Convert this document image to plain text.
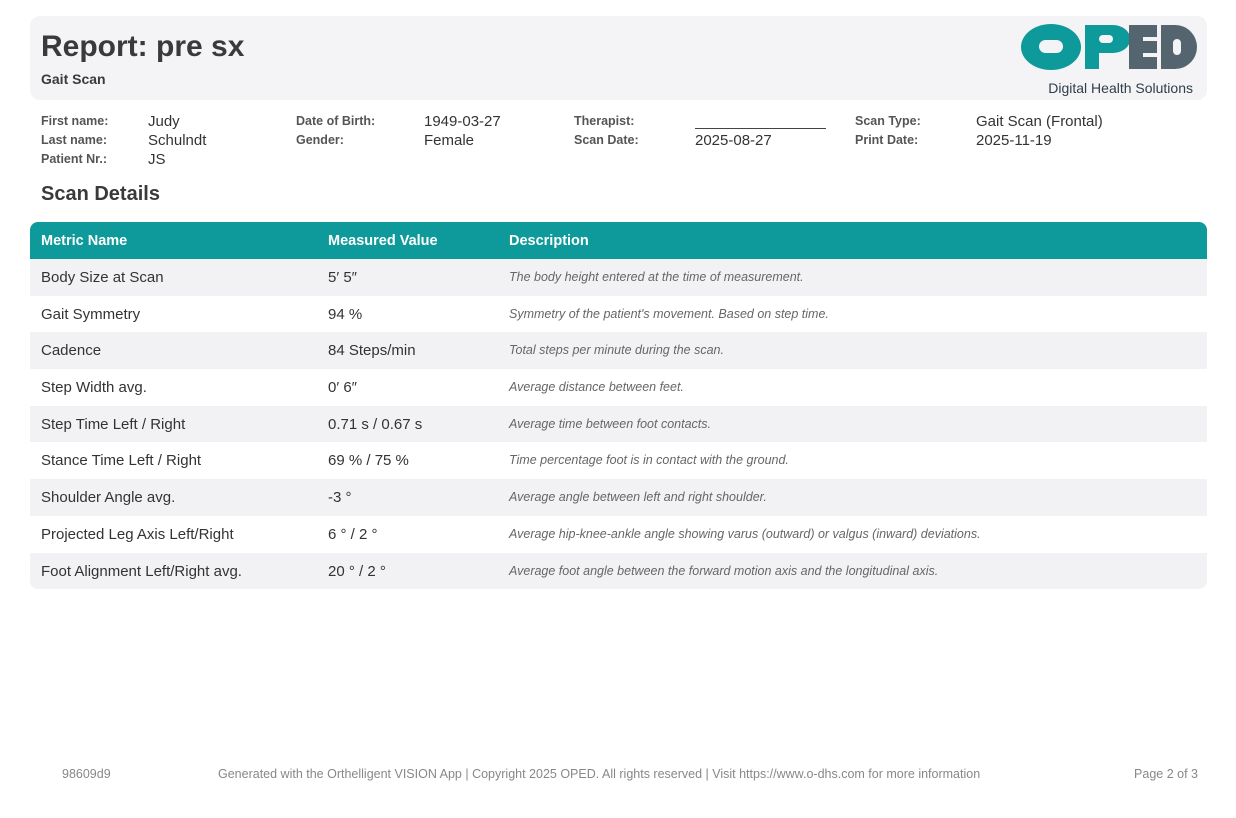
Report: pre sx
Gait Scan
Digital Health Solutions
First name:	Judy
Last name:	Schulndt
Patient Nr.:	JS
Date of Birth:	1949-03-27
Gender:	Female
Therapist:
Scan Date:	2025-08-27
Scan Type:	Gait Scan (Frontal)
Print Date:	2025-11-19
Scan Details
Metric Name	Measured Value	Description
Body Size at Scan	5′ 5″	The body height entered at the time of measurement.
Gait Symmetry	94 %	Symmetry of the patient's movement. Based on step time.
Cadence	84 Steps/min	Total steps per minute during the scan.
Step Width avg.	0′ 6″	Average distance between feet.
Step Time Left / Right	0.71 s / 0.67 s	Average time between foot contacts.
Stance Time Left / Right	69 % / 75 %	Time percentage foot is in contact with the ground.
Shoulder Angle avg.	-3 °	Average angle between left and right shoulder.
Projected Leg Axis Left/Right	6 ° / 2 °	Average hip-knee-ankle angle showing varus (outward) or valgus (inward) deviations.
Foot Alignment Left/Right avg.	20 ° / 2 °	Average foot angle between the forward motion axis and the longitudinal axis.
98609d9	Generated with the Orthelligent VISION App | Copyright 2025 OPED. All rights reserved | Visit https://www.o-dhs.com for more information	Page 2 of 3
